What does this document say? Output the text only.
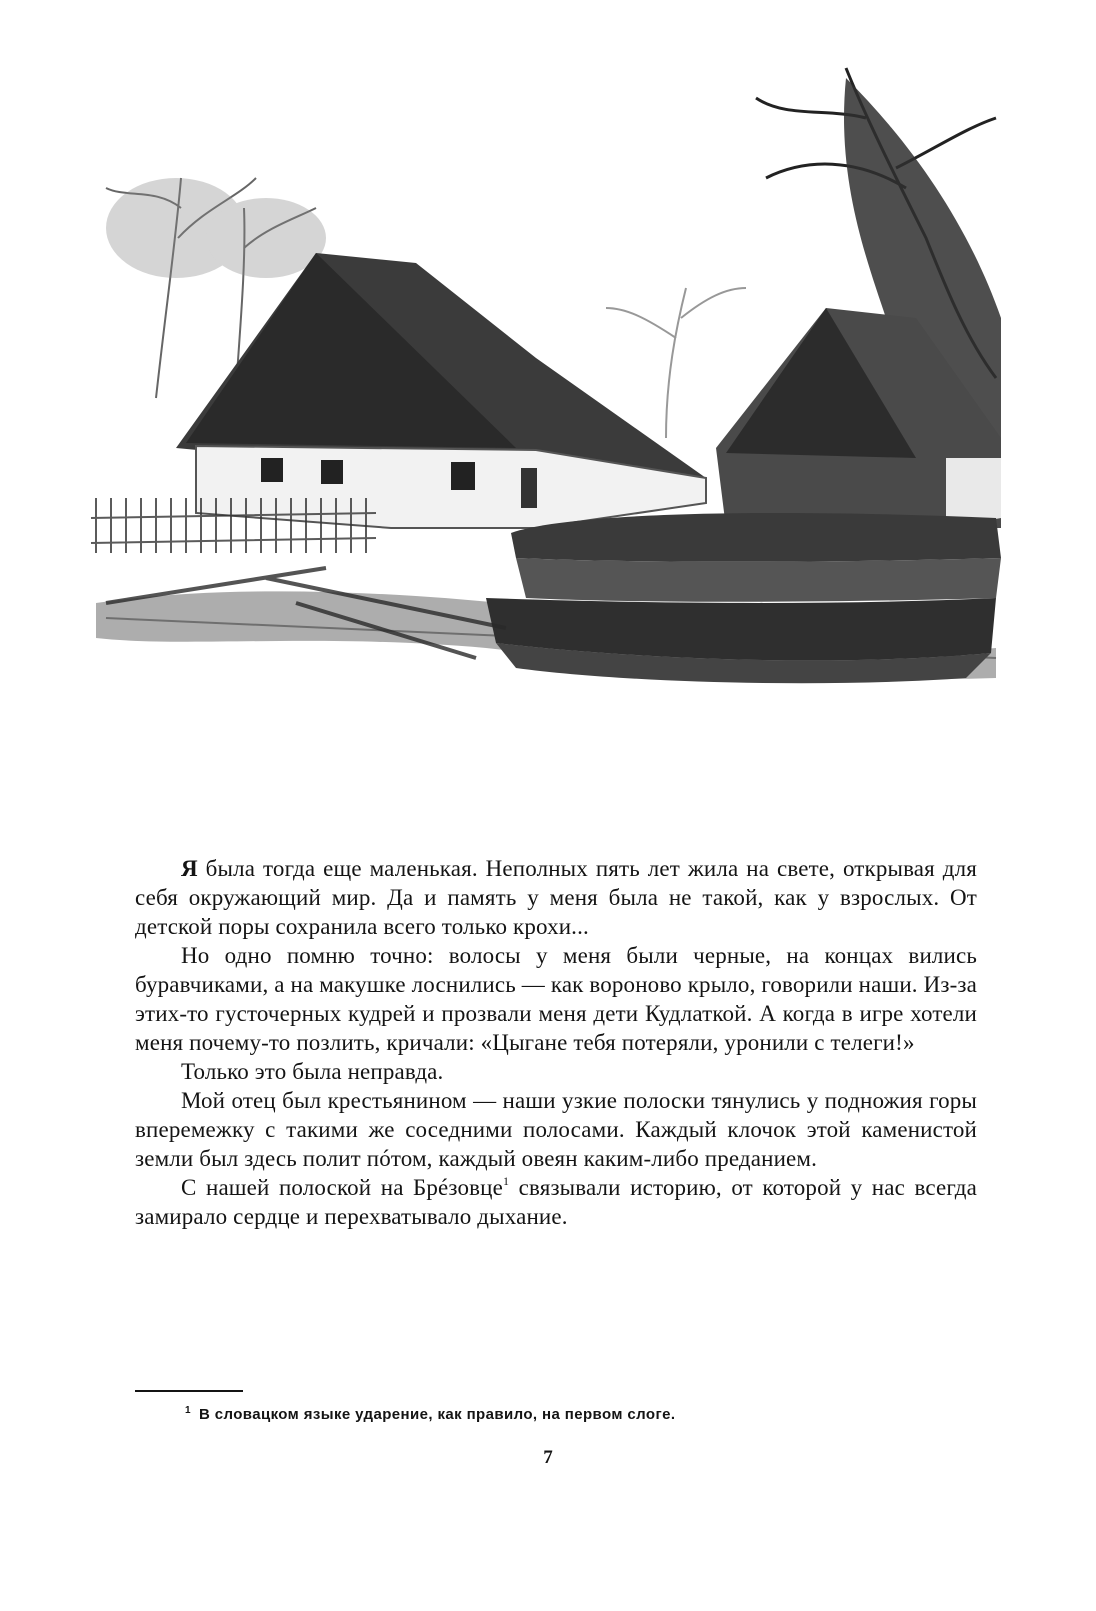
Я была тогда еще маленькая. Неполных пять лет жила на свете, открывая для себя окружающий мир. Да и память у меня была не такой, как у взрослых. От детской поры сохранила всего только крохи...

Но одно помню точно: волосы у меня были черные, на концах вились буравчиками, а на макушке лоснились — как вороново крыло, говорили наши. Из-за этих-то густочерных кудрей и прозвали меня дети Кудлаткой. А когда в игре хотели меня почему-то позлить, кричали: «Цыгане тебя потеряли, уронили с телеги!»

Только это была неправда.

Мой отец был крестьянином — наши узкие полоски тянулись у подножия горы вперемежку с такими же соседними полосами. Каждый клочок этой каменистой земли был здесь полит пóтом, каждый овеян каким-либо преданием.

С нашей полоской на Брéзовце$^1$ связывали историю, от которой у нас всегда замирало сердце и перехватывало дыхание.

$^1$ В словацком языке ударение, как правило, на первом слоге.
7
